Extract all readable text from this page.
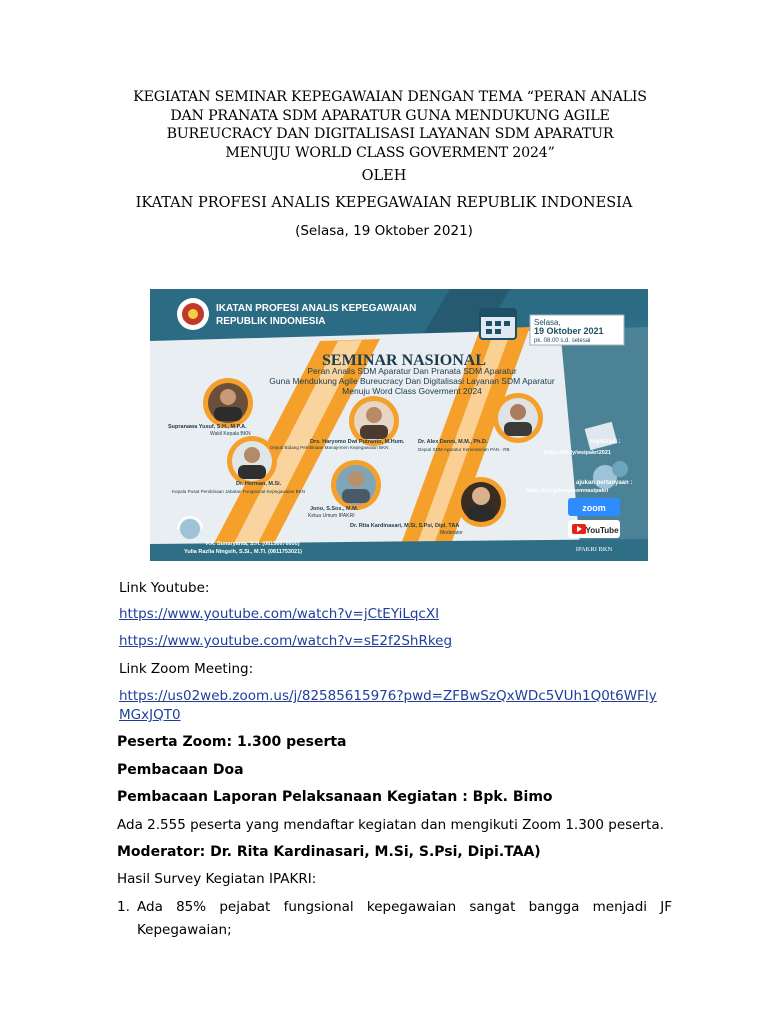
KEGIATAN SEMINAR KEPEGAWAIAN DENGAN TEMA “PERAN ANALIS
DAN PRANATA SDM APARATUR GUNA MENDUKUNG AGILE
BUREUCRACY DAN DIGITALISASI LAYANAN SDM APARATUR
MENUJU WORLD CLASS GOVERMENT 2024”
OLEH
IKATAN PROFESI ANALIS KEPEGAWAIAN REPUBLIK INDONESIA
(Selasa, 19 Oktober 2021)
IKATAN PROFESI ANALIS KEPEGAWAIAN
REPUBLIK INDONESIA	Selasa,
19 Oktober 2021
pk. 08.00 s.d. selesai
SEMINAR NASIONAL
Peran Analis SDM Aparatur Dan Pranata SDM Aparatur
Guna Mendukung Agile Bureucracy Dan Digitalisasi Layanan SDM Aparatur
Menuju Word Class Goverment 2024
Supranawa Yusuf, S.H., M.P.A.
Wakil Kepala BKN
Drs. Haryomo Dwi Putranto, M.Hum.
Deputi Bidang Pembinaan Manajemen Kepegawaian BKN
Dr. Alex Denni, M.M., Ph.D.
Deputi SDM Aparatur Kementerian PAN - RB
Dr. Herman, M.Si.
Kepala Pusat Pembinaan Jabatan Fungsional Kepegawaian BKN
Jono, S.Sos., M.M.
Ketua Umum IPAKRI
Dr. Rita Kardinasari, M.Si, S.Psi, Dipl. TAA
Moderator
registrasi :
https://bit.ly/wsipakri2021
ajukan pertanyaan :
https://bit.ly/tanyasemnasipakri
zoom
YouTube
IPAKRI BKN
F.X. Sunaryanta, S.H. (08156676600)
Yulia Razlia Ningsih, S.Si., M.TI. (0811753021)
Link Youtube:
https://www.youtube.com/watch?v=jCtEYiLqcXI
https://www.youtube.com/watch?v=sE2f2ShRkeg
Link Zoom Meeting:
https://us02web.zoom.us/j/82585615976?pwd=ZFBwSzQxWDc5VUh1Q0t6WFIy
MGxJQT0
Peserta Zoom: 1.300 peserta
Pembacaan Doa
Pembacaan Laporan Pelaksanaan Kegiatan : Bpk. Bimo
Ada 2.555 peserta yang mendaftar kegiatan dan mengikuti Zoom 1.300 peserta.
Moderator: Dr. Rita Kardinasari, M.Si, S.Psi, Dipi.TAA)
Hasil Survey Kegiatan IPAKRI:
1. Ada 85% pejabat fungsional kepegawaian sangat bangga menjadi JF Kepegawaian;
